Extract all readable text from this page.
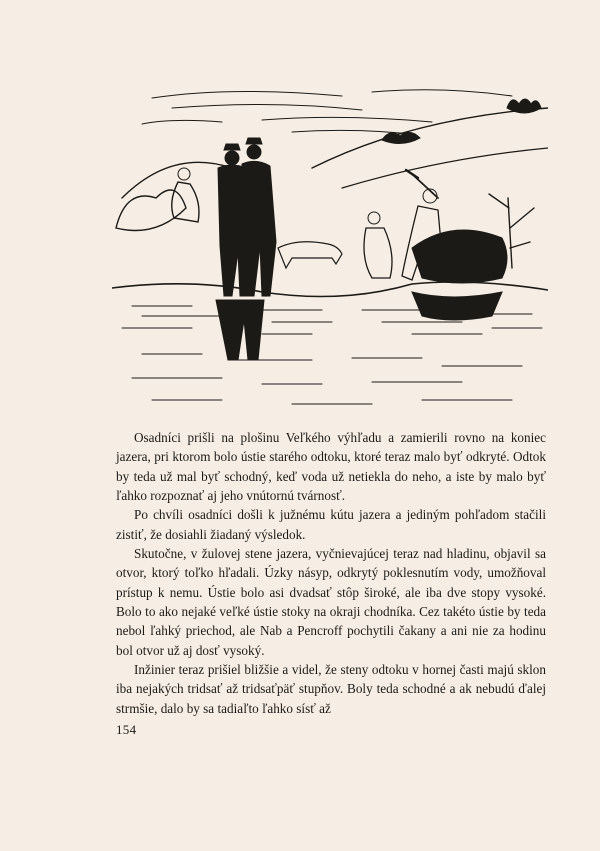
Osadníci prišli na plošinu Veľkého výhľadu a zamierili rovno na koniec jazera, pri ktorom bolo ústie starého odtoku, ktoré teraz malo byť odkryté. Odtok by teda už mal byť schodný, keď voda už netiekla do neho, a iste by malo byť ľahko rozpoznať aj jeho vnútornú tvárnosť.

Po chvíli osadníci došli k južnému kútu jazera a jediným pohľadom stačili zistiť, že dosiahli žiadaný výsledok.

Skutočne, v žulovej stene jazera, vyčnievajúcej teraz nad hladinu, objavil sa otvor, ktorý toľko hľadali. Úzky násyp, odkrytý poklesnutím vody, umožňoval prístup k nemu. Ústie bolo asi dvadsať stôp široké, ale iba dve stopy vysoké. Bolo to ako nejaké veľké ústie stoky na okraji chodníka. Cez takéto ústie by teda nebol ľahký priechod, ale Nab a Pencroff pochytili čakany a ani nie za hodinu bol otvor už aj dosť vysoký.

Inžinier teraz prišiel bližšie a videl, že steny odtoku v hornej časti majú sklon iba nejakých tridsať až tridsaťpäť stupňov. Boly teda schodné a ak nebudú ďalej strmšie, dalo by sa tadiaľto ľahko sísť až

154
